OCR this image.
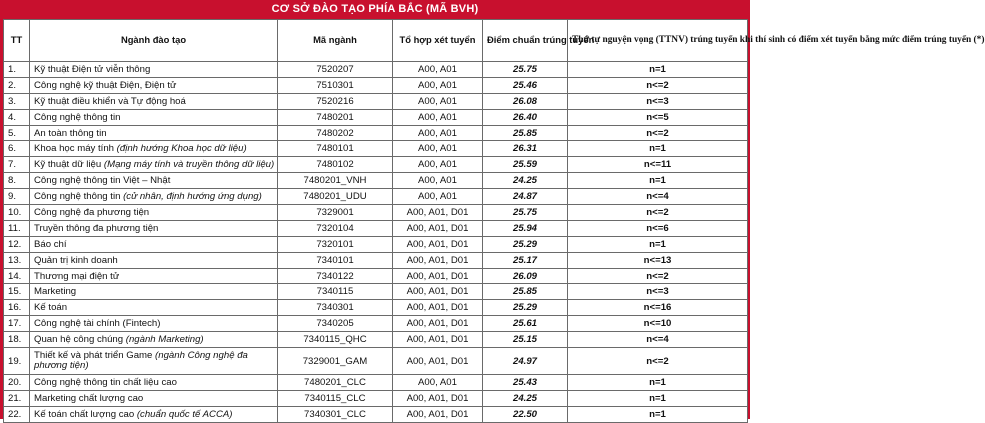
CƠ SỞ ĐÀO TẠO PHÍA BẮC (MÃ BVH)
TT	Ngành đào tạo	Mã ngành	Tổ hợp xét tuyển	Điểm chuẩn trúng tuyển	Thứ tự nguyện vọng (TTNV) trúng tuyển khi thí sinh có điểm xét tuyển bằng mức điểm trúng tuyển (*)
1.	Kỹ thuật Điện tử viễn thông	7520207	A00, A01	25.75	n=1
2.	Công nghệ kỹ thuật Điện, Điện tử	7510301	A00, A01	25.46	n<=2
3.	Kỹ thuật điều khiển và Tự động hoá	7520216	A00, A01	26.08	n<=3
4.	Công nghệ thông tin	7480201	A00, A01	26.40	n<=5
5.	An toàn thông tin	7480202	A00, A01	25.85	n<=2
6.	Khoa học máy tính (định hướng Khoa học dữ liệu)	7480101	A00, A01	26.31	n=1
7.	Kỹ thuật dữ liệu (Mạng máy tính và truyền thông dữ liệu)	7480102	A00, A01	25.59	n<=11
8.	Công nghệ thông tin Việt – Nhật	7480201_VNH	A00, A01	24.25	n=1
9.	Công nghệ thông tin (cử nhân, định hướng ứng dụng)	7480201_UDU	A00, A01	24.87	n<=4
10.	Công nghệ đa phương tiện	7329001	A00, A01, D01	25.75	n<=2
11.	Truyền thông đa phương tiện	7320104	A00, A01, D01	25.94	n<=6
12.	Báo chí	7320101	A00, A01, D01	25.29	n=1
13.	Quản trị kinh doanh	7340101	A00, A01, D01	25.17	n<=13
14.	Thương mại điện tử	7340122	A00, A01, D01	26.09	n<=2
15.	Marketing	7340115	A00, A01, D01	25.85	n<=3
16.	Kế toán	7340301	A00, A01, D01	25.29	n<=16
17.	Công nghệ tài chính (Fintech)	7340205	A00, A01, D01	25.61	n<=10
18.	Quan hệ công chúng (ngành Marketing)	7340115_QHC	A00, A01, D01	25.15	n<=4
19.	Thiết kế và phát triển Game (ngành Công nghệ đa phương tiện)	7329001_GAM	A00, A01, D01	24.97	n<=2
20.	Công nghệ thông tin chất liệu cao	7480201_CLC	A00, A01	25.43	n=1
21.	Marketing chất lượng cao	7340115_CLC	A00, A01, D01	24.25	n=1
22.	Kế toán chất lượng cao (chuẩn quốc tế ACCA)	7340301_CLC	A00, A01, D01	22.50	n=1
